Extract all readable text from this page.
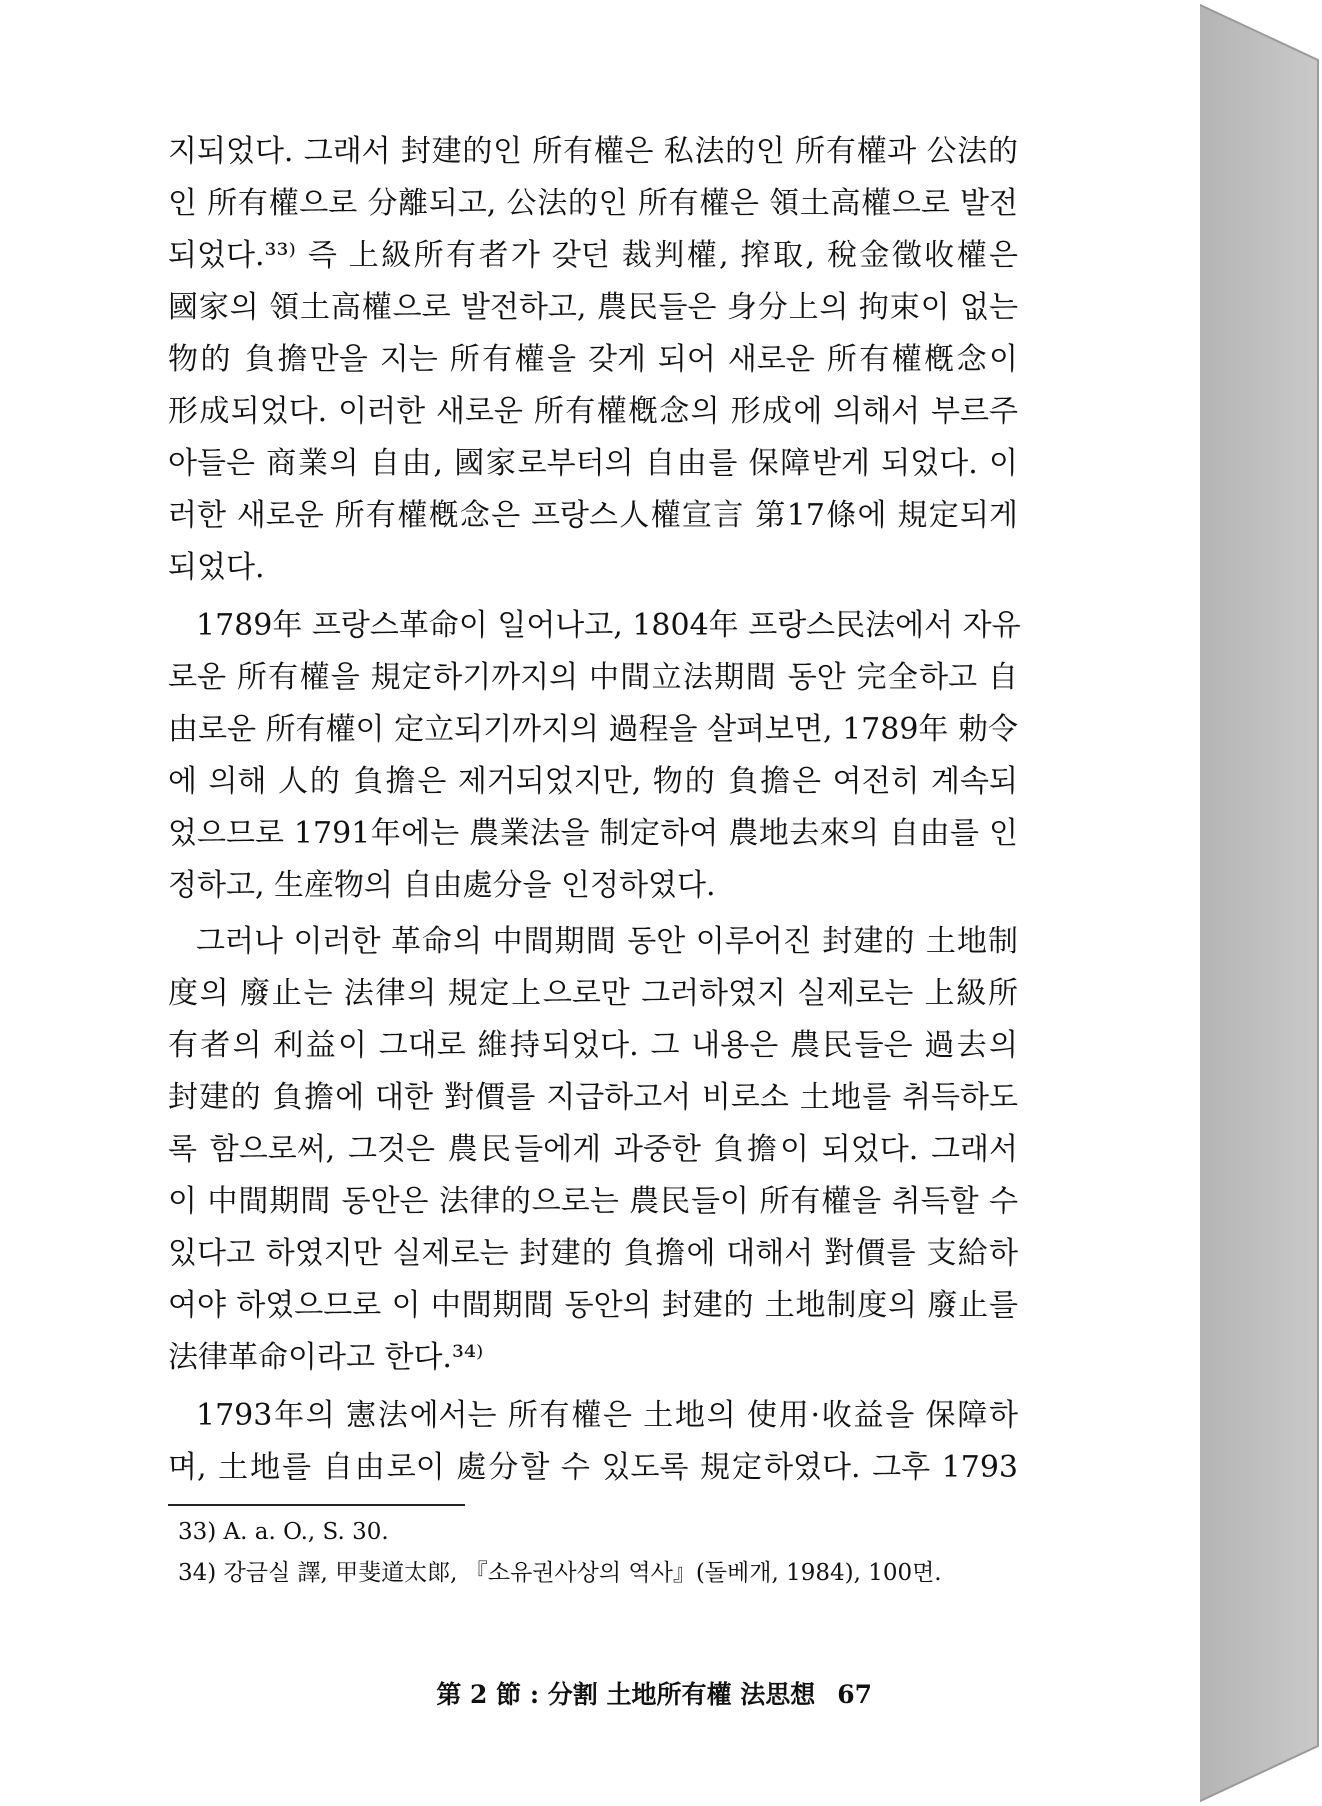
지되었다. 그래서 封建的인 所有權은 私法的인 所有權과 公法的
인 所有權으로 分離되고, 公法的인 所有權은 領土高權으로 발전
되었다.³³⁾ 즉 上級所有者가 갖던 裁判權, 搾取, 稅金徵收權은
國家의 領土高權으로 발전하고, 農民들은 身分上의 拘束이 없는
物的 負擔만을 지는 所有權을 갖게 되어 새로운 所有權槪念이
形成되었다. 이러한 새로운 所有權槪念의 形成에 의해서 부르주
아들은 商業의 自由, 國家로부터의 自由를 保障받게 되었다. 이
러한 새로운 所有權槪念은 프랑스人權宣言 第17條에 規定되게
되었다.
1789年 프랑스革命이 일어나고, 1804年 프랑스民法에서 자유
로운 所有權을 規定하기까지의 中間立法期間 동안 完全하고 自
由로운 所有權이 定立되기까지의 過程을 살펴보면, 1789年 勅令
에 의해 人的 負擔은 제거되었지만, 物的 負擔은 여전히 계속되
었으므로 1791年에는 農業法을 制定하여 農地去來의 自由를 인
정하고, 生産物의 自由處分을 인정하였다.
그러나 이러한 革命의 中間期間 동안 이루어진 封建的 土地制
度의 廢止는 法律의 規定上으로만 그러하였지 실제로는 上級所
有者의 利益이 그대로 維持되었다. 그 내용은 農民들은 過去의
封建的 負擔에 대한 對價를 지급하고서 비로소 土地를 취득하도
록 함으로써, 그것은 農民들에게 과중한 負擔이 되었다. 그래서
이 中間期間 동안은 法律的으로는 農民들이 所有權을 취득할 수
있다고 하였지만 실제로는 封建的 負擔에 대해서 對價를 支給하
여야 하였으므로 이 中間期間 동안의 封建的 土地制度의 廢止를
法律革命이라고 한다.³⁴⁾
1793年의 憲法에서는 所有權은 土地의 使用·收益을 保障하
며, 土地를 自由로이 處分할 수 있도록 規定하였다. 그후 1793
33) A. a. O., S. 30.
34) 강금실 譯, 甲斐道太郞, 『소유권사상의 역사』(돌베개, 1984), 100면.
第 2 節 : 分割 土地所有權 法思想 67
